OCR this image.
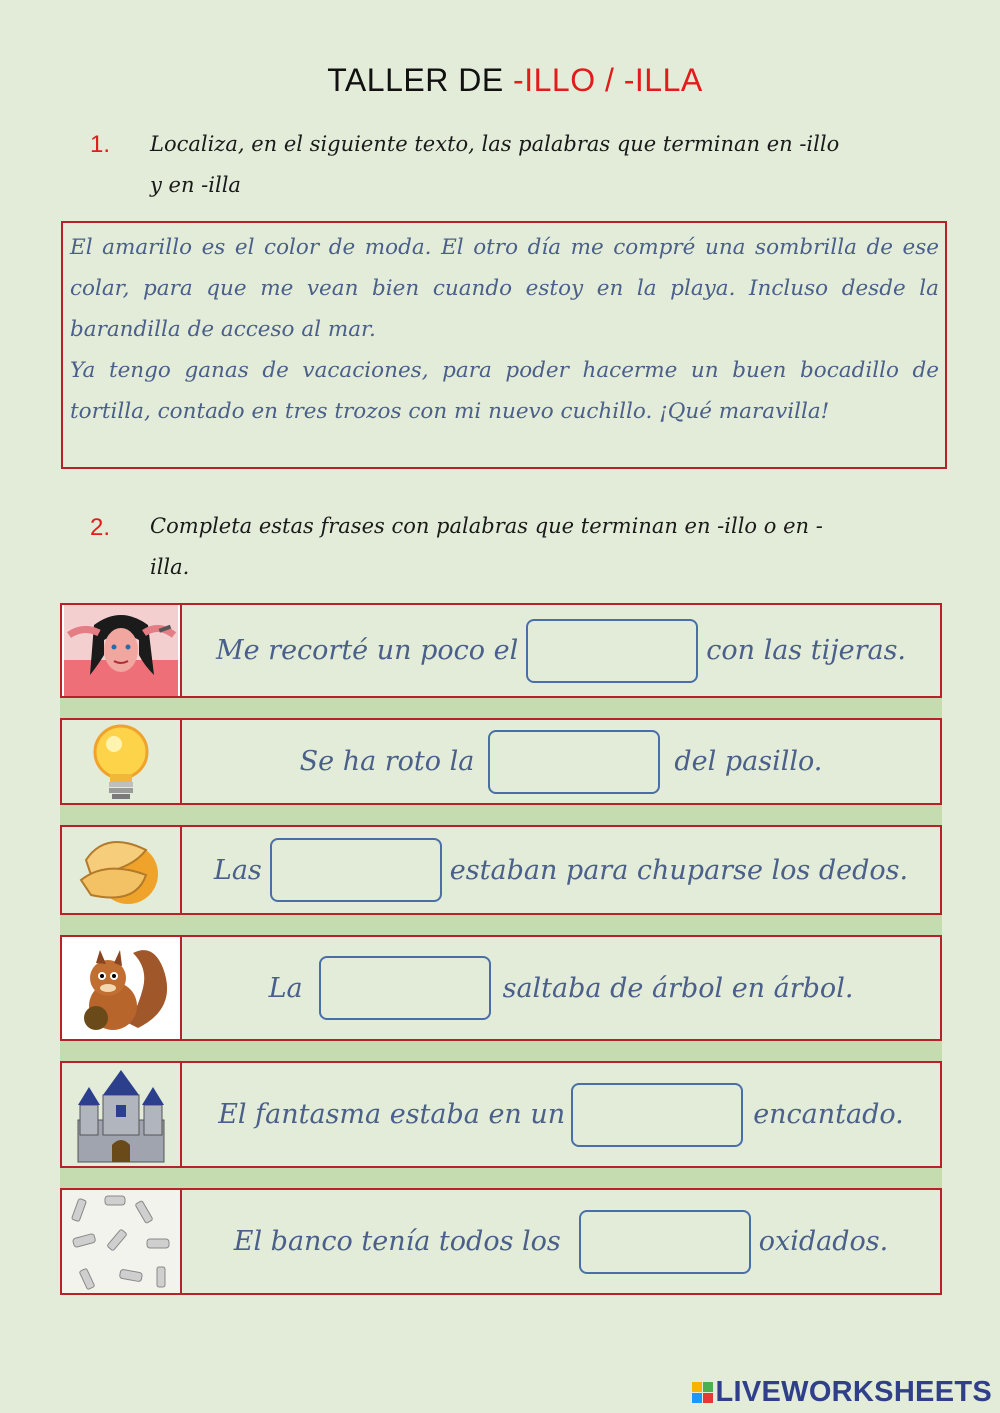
TALLER DE -ILLO / -ILLA
1. Localiza, en el siguiente texto, las palabras que terminan en -illo
y en -illa

El amarillo es el color de moda. El otro día me compré una sombrilla de ese colar, para que me vean bien cuando estoy en la playa. Incluso desde la barandilla de acceso al mar.

Ya tengo ganas de vacaciones, para poder hacerme un buen bocadillo de tortilla, contado en tres trozos con mi nuevo cuchillo. ¡Qué maravilla!

2. Completa estas frases con palabras que terminan en -illo o en -
illa.
Me recorté un poco el	con las tijeras.
Se ha roto la	del pasillo.
Las	estaban para chuparse los dedos.
La	saltaba de árbol en árbol.
El fantasma estaba en un	encantado.
El banco tenía todos los	oxidados.
LIVEWORKSHEETS
